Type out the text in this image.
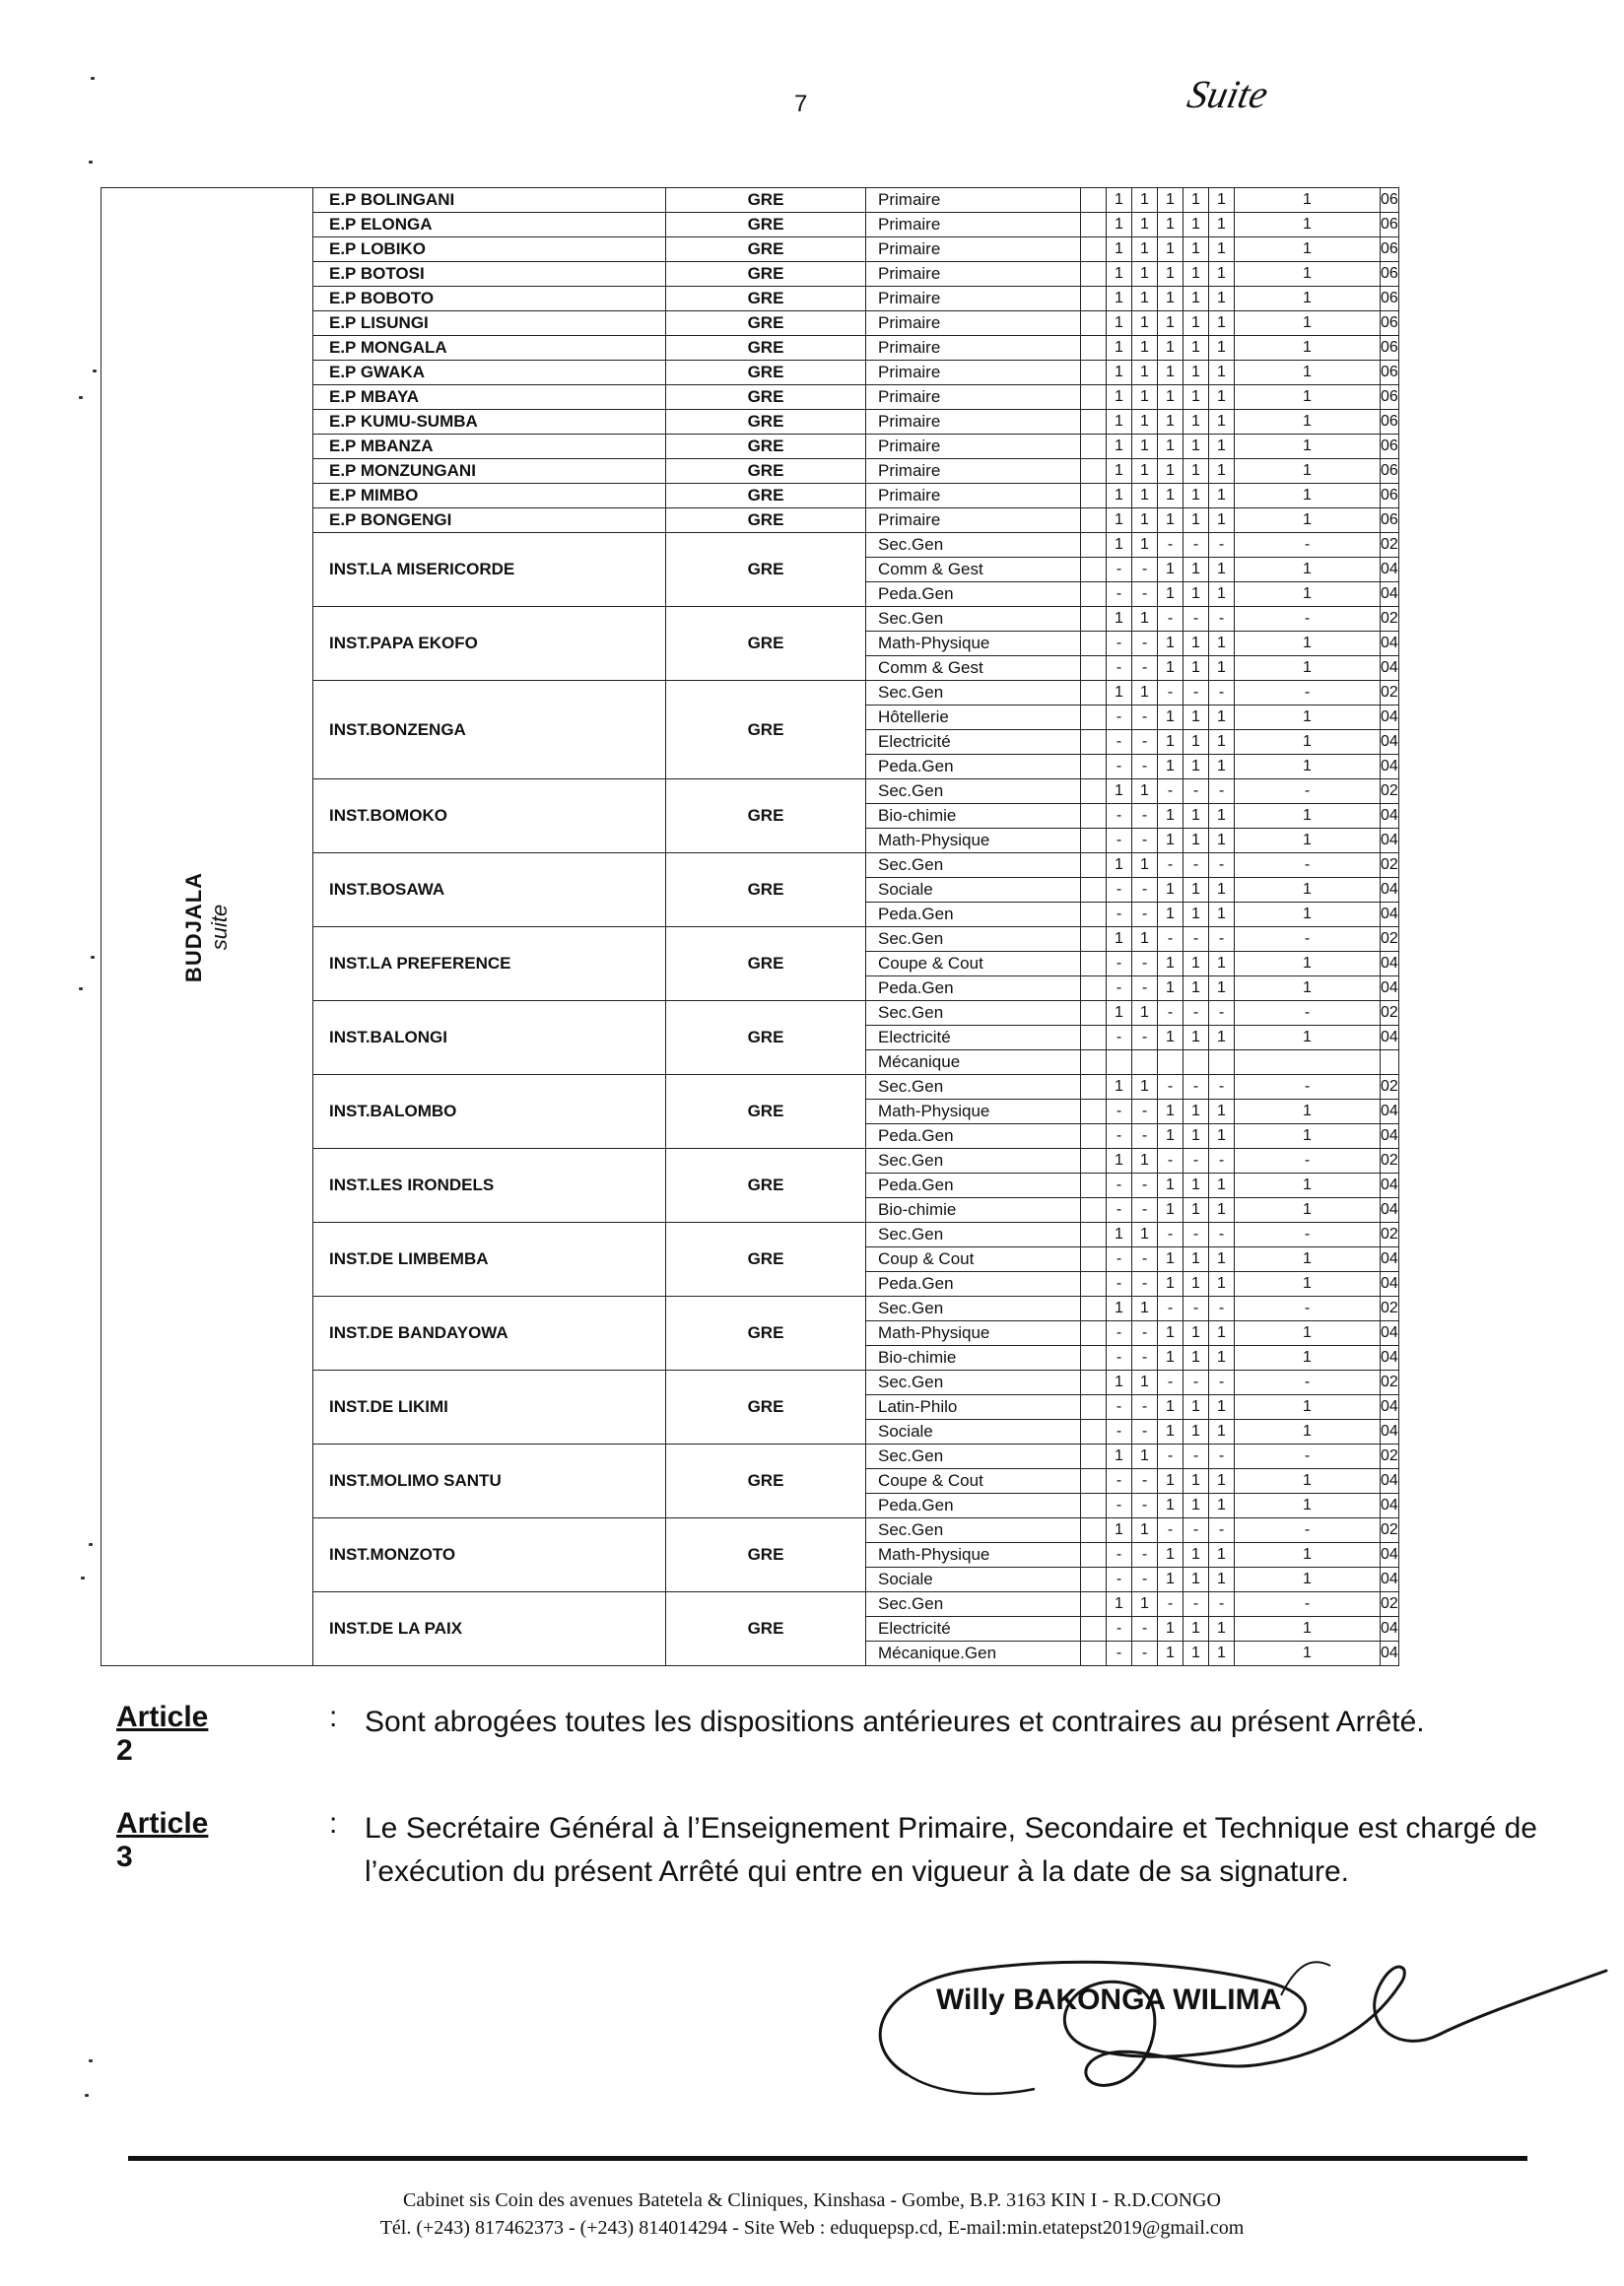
7	Suite
BUDJALA suite	E.P BOLINGANI	GRE	Primaire		1	1	1	1	1	1	06
	E.P ELONGA	GRE	Primaire		1	1	1	1	1	1	06
	E.P LOBIKO	GRE	Primaire		1	1	1	1	1	1	06
	E.P BOTOSI	GRE	Primaire		1	1	1	1	1	1	06
	E.P BOBOTO	GRE	Primaire		1	1	1	1	1	1	06
	E.P LISUNGI	GRE	Primaire		1	1	1	1	1	1	06
	E.P MONGALA	GRE	Primaire		1	1	1	1	1	1	06
	E.P GWAKA	GRE	Primaire		1	1	1	1	1	1	06
	E.P MBAYA	GRE	Primaire		1	1	1	1	1	1	06
	E.P KUMU-SUMBA	GRE	Primaire		1	1	1	1	1	1	06
	E.P MBANZA	GRE	Primaire		1	1	1	1	1	1	06
	E.P MONZUNGANI	GRE	Primaire		1	1	1	1	1	1	06
	E.P MIMBO	GRE	Primaire		1	1	1	1	1	1	06
	E.P BONGENGI	GRE	Primaire		1	1	1	1	1	1	06
	INST.LA MISERICORDE	GRE	Sec.Gen		1	1	-	-	-	-	02
			Comm & Gest		-	-	1	1	1	1	04
			Peda.Gen		-	-	1	1	1	1	04
	INST.PAPA EKOFO	GRE	Sec.Gen		1	1	-	-	-	-	02
			Math-Physique		-	-	1	1	1	1	04
			Comm & Gest		-	-	1	1	1	1	04
	INST.BONZENGA	GRE	Sec.Gen		1	1	-	-	-	-	02
			Hôtellerie		-	-	1	1	1	1	04
			Electricité		-	-	1	1	1	1	04
			Peda.Gen		-	-	1	1	1	1	04
	INST.BOMOKO	GRE	Sec.Gen		1	1	-	-	-	-	02
			Bio-chimie		-	-	1	1	1	1	04
			Math-Physique		-	-	1	1	1	1	04
	INST.BOSAWA	GRE	Sec.Gen		1	1	-	-	-	-	02
			Sociale		-	-	1	1	1	1	04
			Peda.Gen		-	-	1	1	1	1	04
	INST.LA PREFERENCE	GRE	Sec.Gen		1	1	-	-	-	-	02
			Coupe & Cout		-	-	1	1	1	1	04
			Peda.Gen		-	-	1	1	1	1	04
	INST.BALONGI	GRE	Sec.Gen		1	1	-	-	-	-	02
			Electricité		-	-	1	1	1	1	04
			Mécanique								
	INST.BALOMBO	GRE	Sec.Gen		1	1	-	-	-	-	02
			Math-Physique		-	-	1	1	1	1	04
			Peda.Gen		-	-	1	1	1	1	04
	INST.LES IRONDELS	GRE	Sec.Gen		1	1	-	-	-	-	02
			Peda.Gen		-	-	1	1	1	1	04
			Bio-chimie		-	-	1	1	1	1	04
	INST.DE LIMBEMBA	GRE	Sec.Gen		1	1	-	-	-	-	02
			Coup & Cout		-	-	1	1	1	1	04
			Peda.Gen		-	-	1	1	1	1	04
	INST.DE BANDAYOWA	GRE	Sec.Gen		1	1	-	-	-	-	02
			Math-Physique		-	-	1	1	1	1	04
			Bio-chimie		-	-	1	1	1	1	04
	INST.DE LIKIMI	GRE	Sec.Gen		1	1	-	-	-	-	02
			Latin-Philo		-	-	1	1	1	1	04
			Sociale		-	-	1	1	1	1	04
	INST.MOLIMO SANTU	GRE	Sec.Gen		1	1	-	-	-	-	02
			Coupe & Cout		-	-	1	1	1	1	04
			Peda.Gen		-	-	1	1	1	1	04
	INST.MONZOTO	GRE	Sec.Gen		1	1	-	-	-	-	02
			Math-Physique		-	-	1	1	1	1	04
			Sociale		-	-	1	1	1	1	04
	INST.DE LA PAIX	GRE	Sec.Gen		1	1	-	-	-	-	02
			Electricité		-	-	1	1	1	1	04
			Mécanique.Gen		-	-	1	1	1	1	04
Article 2
: Sont abrogées toutes les dispositions antérieures et contraires au présent Arrêté.
Article 3
: Le Secrétaire Général à l’Enseignement Primaire, Secondaire et Technique est chargé de l’exécution du présent Arrêté qui entre en vigueur à la date de sa signature.
Willy BAKONGA WILIMA
Cabinet sis Coin des avenues Batetela & Cliniques, Kinshasa - Gombe, B.P. 3163 KIN I - R.D.CONGO
Tél. (+243) 817462373 - (+243) 814014294 - Site Web : eduquepsp.cd, E-mail:min.etatepst2019@gmail.com
